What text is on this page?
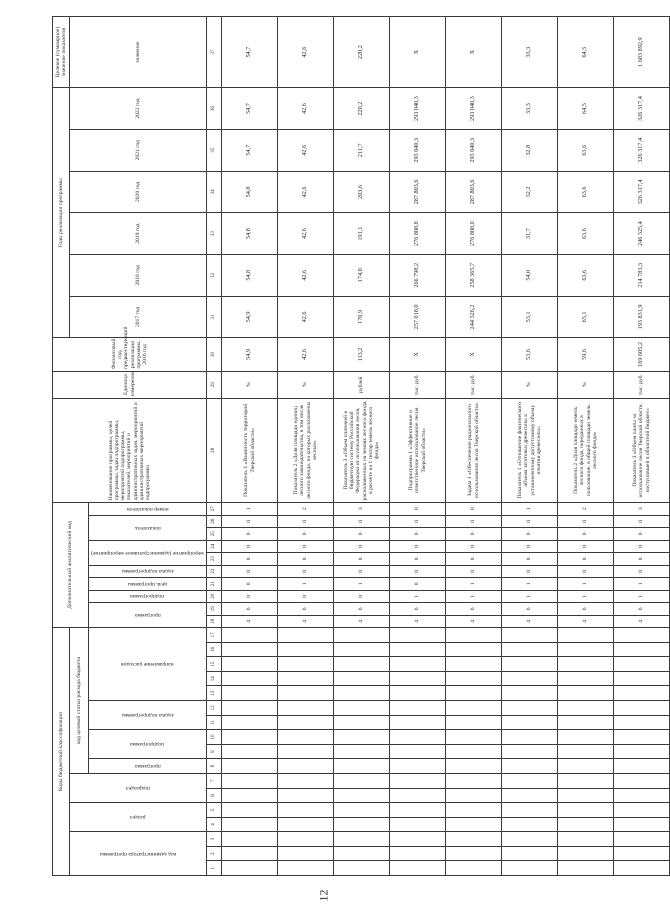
12
Коды бюджетной классификации																	Дополнительный аналитический код										Наименование программы, целей программы, задач подпрограммы, мероприятий подпрограммы, показателей, мероприятий и административных задач, мероприятий и административных мероприятий подпрограммы	Единица измерения	Финансовый год, предшествующий реализации программы, 2016 год	Годы реализации программы						Целевое (суммарное) значение показателя

код администратора программы			раздел		подраздел		код целевой статьи расхода бюджета																							2017 год	2018 год	2019 год	2020 год	2021 год	2022 год	значение

							программа	подпрограмма		задача подпрограммы		направление расходов					программа		подпрограмма	цель программы	задача подпрограммы	мероприятие (административное мероприятие)		показатель		номер показателя										

1	2	3	4	5	6	7	8	9	10	11	12	13	14	15	16	17	18	19	20	21	22	23	24	25	26	27	28	29	30	31	12	33	34	35	36	37
																	4	6	0	0	0	0	0	0	0	1	Показатель 1 «Валютность территорий Тверской области»	%	54,9	54,9	54,8	54,8	54,8	54,7	54,7	54,7
																	4	6	0	1	0	0	0	0	0	2	Показатель 2 «Доля площади единиц лесного законодательства, в том числе лесного фонда, на которых расположены лесные»	%	42,6	42,6	42,6	42,6	42,6	42,6	42,6	42,6
																	4	6	0	1	0	0	0	0	0	3	Показатель 3 «Объем платежей в бюджетную систему Российской Федерации от использования лесов, расположенных на землях лесного фонда, в расчете на 1 гектар земель лесного фонда»	рублей	113,2	170,9	174,0	191,1	203,6	211,7	220,2	220,2
																	4	6	1	0	0	0	0	0	0	0	Подпрограмма 1 «Эффективное и ответственное использование лесов Тверской области»	тыс. руб.	Х	257 018,0	266 798,2	276 808,8	287 803,6	293 040,3	293 040,3	Х
																	4	6	1	1	0	0	0	0	0	0	Задача 1 «Обеспечение рационального использования лесов Тверской области»	тыс. руб.	Х	244 326,2	258 365,7	276 808,0	287 803,6	293 040,3	293 040,3	Х
																	4	6	1	1	0	0	0	0	0	1	Показатель 1 «Отношение фактического объема заготовки древесины к установленному допустимому объему изъятия древесины»	%	53,6	53,1	54,0	31,7	32,2	32,8	33,3	33,3
																	4	6	1	1	0	0	0	0	0	2	Показатель 2 «Доля площади земель лесного фонда, переданных в пользование, в общей площади земель лесного фонда»	%	59,6	65,1	63,6	63,6	63,6	63,6	64,5	64,5
																	4	6	1	1	0	0	0	0	0	3	Показатель 3 «Объем платы за использование лесов Тверской области, поступившей в областной бюджет»	тыс. руб.	169 605,2	193 831,9	214 783,3	246 325,4	326 317,4	326 317,4	326 317,4	1 683 892,9
